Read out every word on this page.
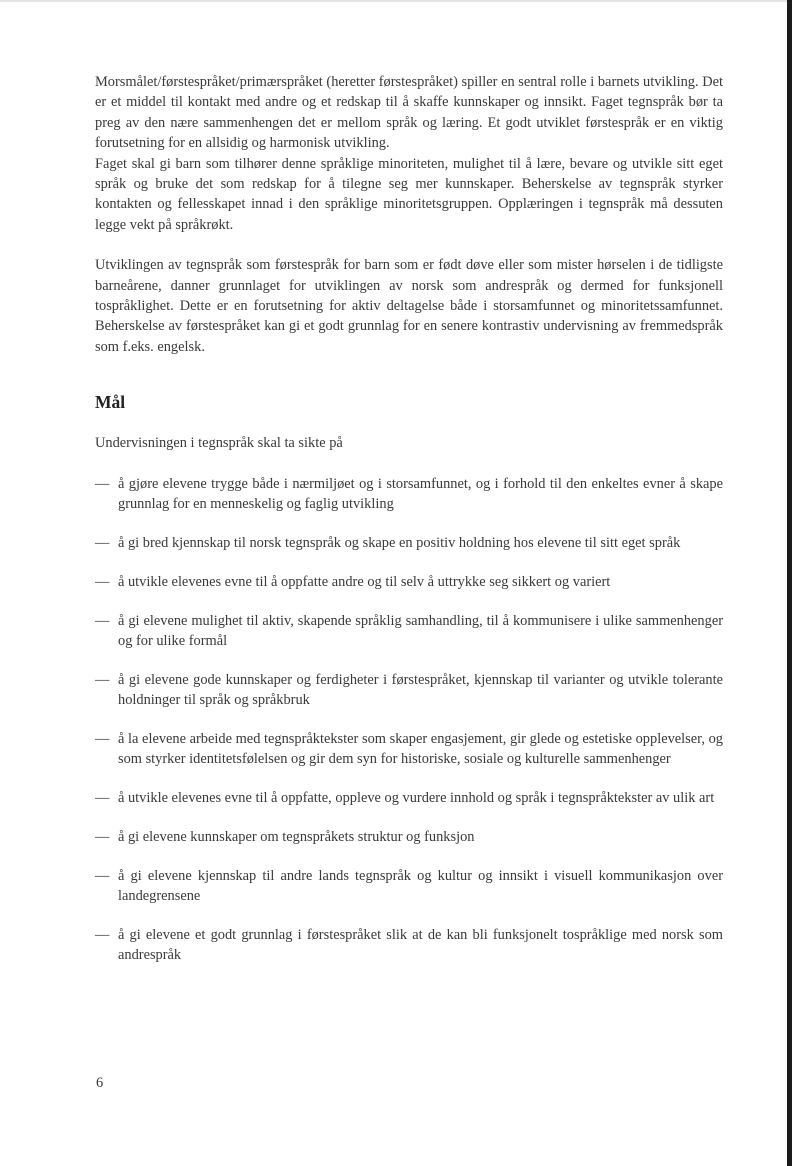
Morsmålet/førstespråket/primærspråket (heretter førstespråket) spiller en sentral rolle i barnets utvikling. Det er et middel til kontakt med andre og et redskap til å skaffe kunnskaper og innsikt. Faget tegnspråk bør ta preg av den nære sammenhengen det er mellom språk og læring. Et godt utviklet førstespråk er en viktig forutsetning for en allsidig og harmonisk utvikling.

Faget skal gi barn som tilhører denne språklige minoriteten, mulighet til å lære, bevare og utvikle sitt eget språk og bruke det som redskap for å tilegne seg mer kunnskaper. Beherskelse av tegnspråk styrker kontakten og fellesskapet innad i den språklige minoritetsgruppen. Opplæringen i tegnspråk må dessuten legge vekt på språkrøkt.

Utviklingen av tegnspråk som førstespråk for barn som er født døve eller som mister hørselen i de tidligste barneårene, danner grunnlaget for utviklingen av norsk som andrespråk og dermed for funksjonell tospråklighet. Dette er en forutsetning for aktiv deltagelse både i storsamfunnet og minoritetssamfunnet. Beherskelse av førstespråket kan gi et godt grunnlag for en senere kontrastiv undervisning av fremmedspråk som f.eks. engelsk.

Mål

Undervisningen i tegnspråk skal ta sikte på

— å gjøre elevene trygge både i nærmiljøet og i storsamfunnet, og i forhold til den enkeltes evner å skape grunnlag for en menneskelig og faglig utvikling
— å gi bred kjennskap til norsk tegnspråk og skape en positiv holdning hos elevene til sitt eget språk
— å utvikle elevenes evne til å oppfatte andre og til selv å uttrykke seg sikkert og variert
— å gi elevene mulighet til aktiv, skapende språklig samhandling, til å kommunisere i ulike sammenhenger og for ulike formål
— å gi elevene gode kunnskaper og ferdigheter i førstespråket, kjennskap til varianter og utvikle tolerante holdninger til språk og språkbruk
— å la elevene arbeide med tegnspråktekster som skaper engasjement, gir glede og estetiske opplevelser, og som styrker identitetsfølelsen og gir dem syn for historiske, sosiale og kulturelle sammenhenger
— å utvikle elevenes evne til å oppfatte, oppleve og vurdere innhold og språk i tegnspråktekster av ulik art
— å gi elevene kunnskaper om tegnspråkets struktur og funksjon
— å gi elevene kjennskap til andre lands tegnspråk og kultur og innsikt i visuell kommunikasjon over landegrensene
— å gi elevene et godt grunnlag i førstespråket slik at de kan bli funksjonelt tospråklige med norsk som andrespråk
6
